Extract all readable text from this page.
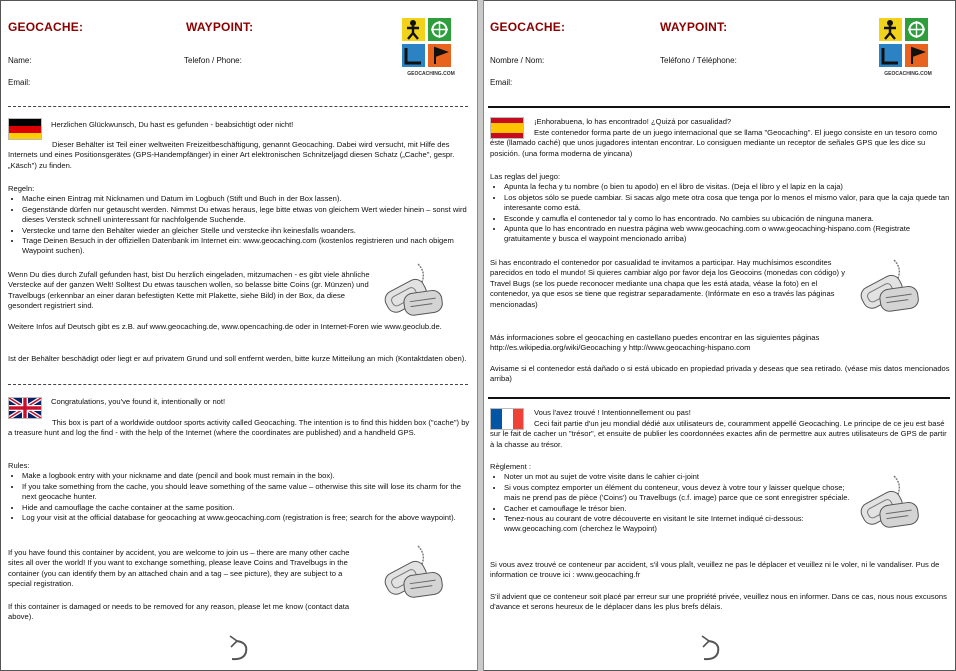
GEOCACHE:	WAYPOINT:
Name:	Telefon / Phone:
Email:
GEOCACHING.COM
Herzlichen Glückwunsch, Du hast es gefunden - beabsichtigt oder nicht!
Dieser Behälter ist Teil einer weltweiten Freizeitbeschäftigung, genannt Geocaching. Dabei wird versucht, mit Hilfe des Internets und eines Positionsgerätes (GPS-Handempfänger) in einer Art elektronischen Schnitzeljagd diesen Schatz („Cache", gespr. „Käsch") zu finden.

Regeln:

• Mache einen Eintrag mit Nicknamen und Datum im Logbuch (Stift und Buch in der Box lassen).
• Gegenstände dürfen nur getauscht werden. Nimmst Du etwas heraus, lege bitte etwas von gleichem Wert wieder hinein – sonst wird dieses Versteck schnell uninteressant für nachfolgende Suchende.
• Verstecke und tarne den Behälter wieder an gleicher Stelle und verstecke ihn keinesfalls woanders.
• Trage Deinen Besuch in der offiziellen Datenbank im Internet ein: www.geocaching.com (kostenlos registrieren und nach obigem Waypoint suchen).
Wenn Du dies durch Zufall gefunden hast, bist Du herzlich eingeladen, mitzumachen - es gibt viele ähnliche Verstecke auf der ganzen Welt! Solltest Du etwas tauschen wollen, so belasse bitte Coins (gr. Münzen) und Travelbugs (erkennbar an einer daran befestigten Kette mit Plakette, siehe Bild) in der Box, da diese gesondert registriert sind.
Weitere Infos auf Deutsch gibt es z.B. auf www.geocaching.de, www.opencaching.de oder in Internet-Foren wie www.geoclub.de.
Ist der Behälter beschädigt oder liegt er auf privatem Grund und soll entfernt werden, bitte kurze Mitteilung an mich (Kontaktdaten oben).
Congratulations, you've found it, intentionally or not!
This box is part of a worldwide outdoor sports activity called Geocaching. The intention is to find this hidden box ("cache") by a treasure hunt and log the find - with the help of the Internet (where the coordinates are published) and a handheld GPS.

Rules:

• Make a logbook entry with your nickname and date (pencil and book must remain in the box).
• If you take something from the cache, you should leave something of the same value – otherwise this site will lose its charm for the next geocache hunter.
• Hide and camouflage the cache container at the same position.
• Log your visit at the official database for geocaching at www.geocaching.com (registration is free; search for the above waypoint).
If you have found this container by accident, you are welcome to join us – there are many other cache sites all over the world! If you want to exchange something, please leave Coins and Travelbugs in the container (you can identify them by an attached chain and a tag – see picture), they are subject to a special registration.
If this container is damaged or needs to be removed for any reason, please let me know (contact data above).
GEOCACHE:	WAYPOINT:
Nombre / Nom:	Teléfono / Téléphone:
Email:
GEOCACHING.COM
¡Enhorabuena, lo has encontrado! ¿Quizá por casualidad?
Este contenedor forma parte de un juego internacional que se llama "Geocaching". El juego consiste en un tesoro como éste (llamado caché) que unos jugadores intentan encontrar. Lo consiguen mediante un receptor de señales GPS que les dice su posición. (una forma moderna de yincana)

Las reglas del juego:

• Apunta la fecha y tu nombre (o bien tu apodo) en el libro de visitas. (Deja el libro y el lapiz en la caja)
• Los objetos sólo se puede cambiar. Si sacas algo mete otra cosa que tenga por lo menos el mismo valor, para que la caja quede tan interesante como está.
• Esconde y camufla el contenedor tal y como lo has encontrado. No cambies su ubicación de ninguna manera.
• Apunta que lo has encontrado en nuestra página web www.geocaching.com o www.geocaching-hispano.com (Registrate gratuitamente y busca el waypoint mencionado arriba)
Si has encontrado el contenedor por casualidad te invitamos a participar. Hay muchísimos escondites parecidos en todo el mundo! Si quieres cambiar algo por favor deja los Geocoins (monedas con código) y Travel Bugs (se los puede reconocer mediante una chapa que les está atada, véase la foto) en el contenedor, ya que esos se tiene que registrar separadamente. (Infórmate en eso a través las páginas mencionadas)
Más informaciones sobre el geocaching en castellano puedes encontrar en las siguientes páginas http://es.wikipedia.org/wiki/Geocaching y http://www.geocaching-hispano.com
Avisame si el contenedor está dañado o si está ubicado en propiedad privada y deseas que sea retirado. (véase mis datos mencionados arriba)
Vous l'avez trouvé ! Intentionnellement ou pas!
Ceci fait partie d'un jeu mondial dédié aux utilisateurs de, couramment appellé Geocaching. Le principe de ce jeu est basé sur le fait de cacher un "trésor", et ensuite de publier les coordonnées exactes afin de permettre aux autres utilisateurs de GPS de partir à la chasse au trésor.

Règlement :

• Noter un mot au sujet de votre visite dans le cahier ci-joint
• Si vous comptez emporter un élément du conteneur, vous devez à votre tour y laisser quelque chose; mais ne prend pas de pièce ('Coins') ou Travelbugs (c.f. image) parce que ce sont enregistrer spéciale.
• Cacher et camouflage le trésor bien.
• Tenez-nous au courant de votre découverte en visitant le site Internet indiqué ci-dessous: www.geocaching.com (cherchez le Waypoint)
Si vous avez trouvé ce conteneur par accident, s'il vous plaît, veuillez ne pas le déplacer et veuillez ni le voler, ni le vandaliser. Pus de information ce trouve ici : www.geocaching.fr
S'il advient que ce conteneur soit placé par erreur sur une propriété privée, veuillez nous en informer. Dans ce cas, nous nous excusons d'avance et serons heureux de le déplacer dans les plus brefs délais.
